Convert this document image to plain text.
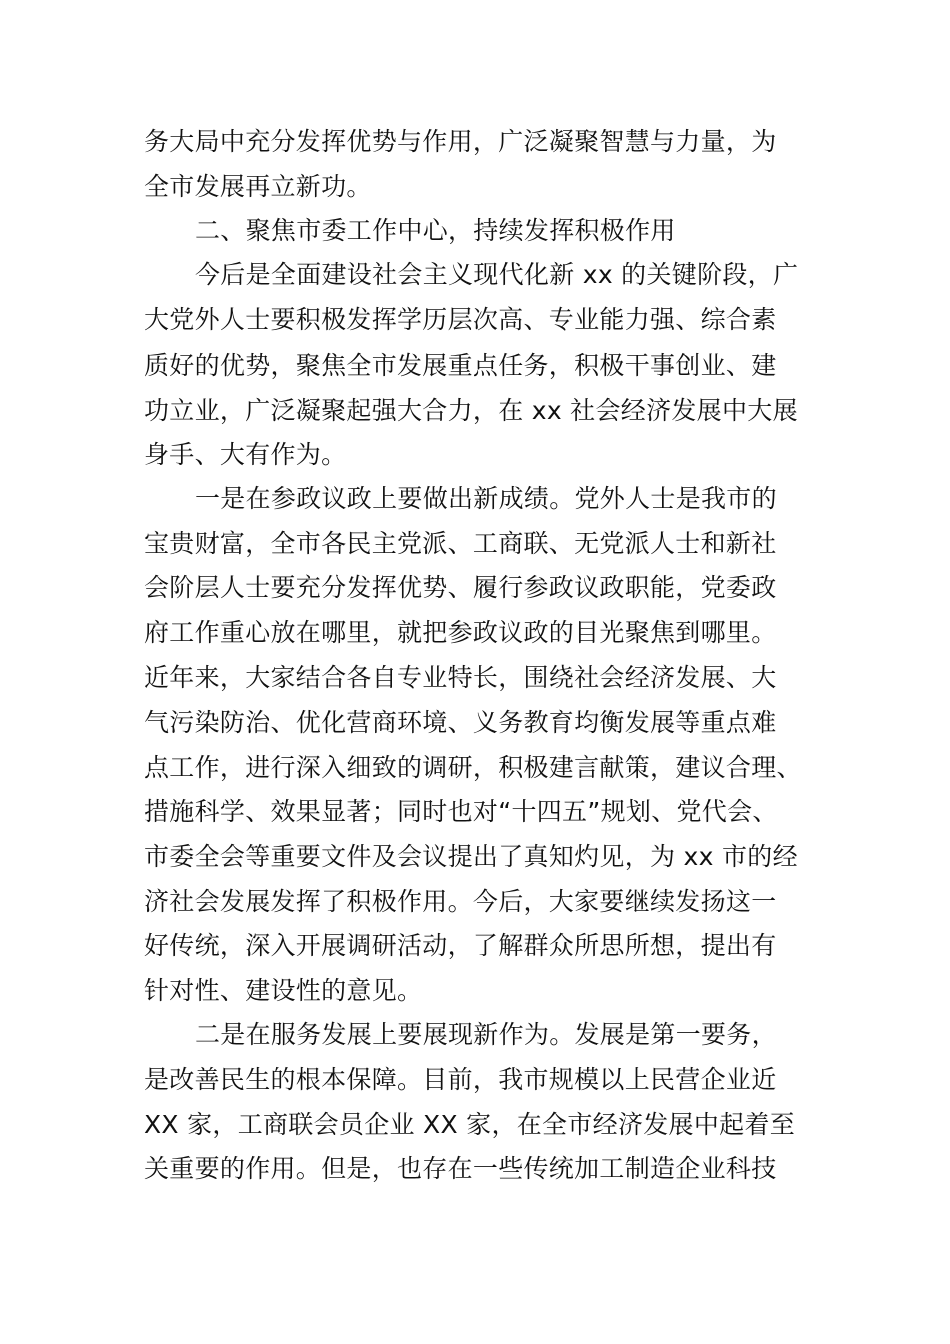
务大局中充分发挥优势与作用，广泛凝聚智慧与力量，为
全市发展再立新功。
二、聚焦市委工作中心，持续发挥积极作用
今后是全面建设社会主义现代化新 xx 的关键阶段，广
大党外人士要积极发挥学历层次高、专业能力强、综合素
质好的优势，聚焦全市发展重点任务，积极干事创业、建
功立业，广泛凝聚起强大合力，在 xx 社会经济发展中大展
身手、大有作为。
一是在参政议政上要做出新成绩。党外人士是我市的
宝贵财富，全市各民主党派、工商联、无党派人士和新社
会阶层人士要充分发挥优势、履行参政议政职能，党委政
府工作重心放在哪里，就把参政议政的目光聚焦到哪里。
近年来，大家结合各自专业特长，围绕社会经济发展、大
气污染防治、优化营商环境、义务教育均衡发展等重点难
点工作，进行深入细致的调研，积极建言献策，建议合理、
措施科学、效果显著；同时也对“十四五”规划、党代会、
市委全会等重要文件及会议提出了真知灼见，为 xx 市的经
济社会发展发挥了积极作用。今后，大家要继续发扬这一
好传统，深入开展调研活动，了解群众所思所想，提出有
针对性、建设性的意见。
二是在服务发展上要展现新作为。发展是第一要务，
是改善民生的根本保障。目前，我市规模以上民营企业近
XX 家，工商联会员企业 XX 家，在全市经济发展中起着至
关重要的作用。但是，也存在一些传统加工制造企业科技
